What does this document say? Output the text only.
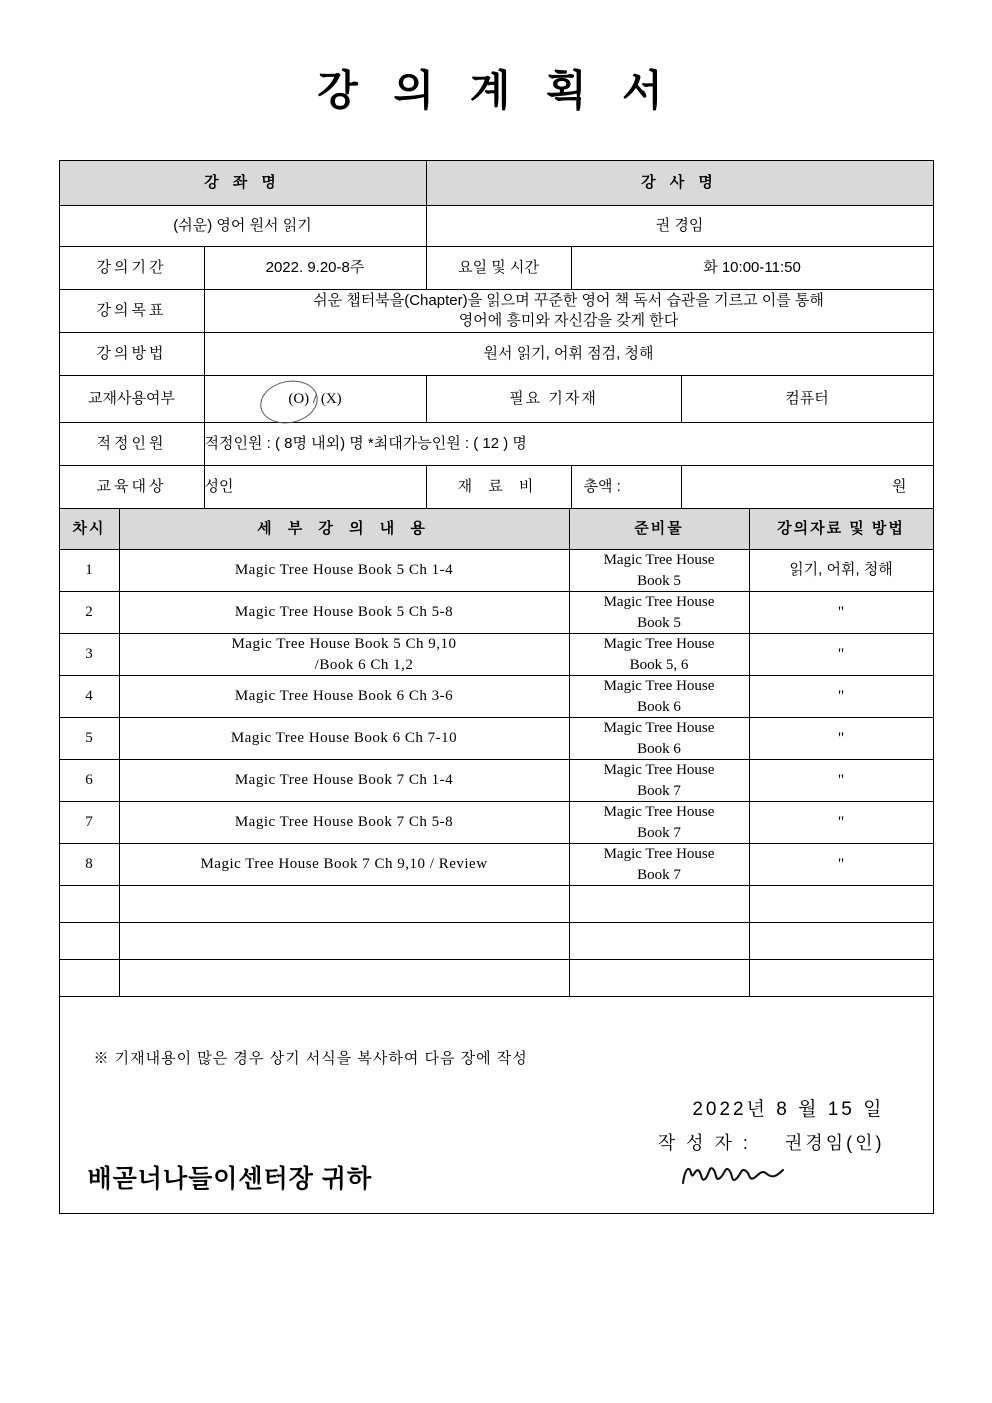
강 의 계 획 서
강 좌 명		강 사 명		
(쉬운) 영어 원서 읽기		권 경임		
강의기간	2022. 9.20-8주	요일 및 시간	화 10:00-11:50	
강의목표	쉬운 챕터북을(Chapter)을 읽으며 꾸준한 영어 책 독서 습관을 기르고 이를 통해
영어에 흥미와 자신감을 갖게 한다			
강의방법	원서 읽기, 어휘 점검, 청해			
교재사용여부	(O) / (X)	필요 기자재		컴퓨터
적정인원	적정인원 : ( 8명 내외) 명 *최대가능인원 : ( 12 ) 명			
교육대상	성인	재 료 비	총액 :	원
차시	세 부 강 의 내 용	준비물	강의자료 및 방법
1	Magic Tree House Book 5 Ch 1-4	Magic Tree House
Book 5	읽기, 어휘, 청해
2	Magic Tree House Book 5 Ch 5-8	Magic Tree House
Book 5	"
3	Magic Tree House Book 5 Ch 9,10
/Book 6 Ch 1,2	Magic Tree House
Book 5, 6	"
4	Magic Tree House Book 6 Ch 3-6	Magic Tree House
Book 6	"
5	Magic Tree House Book 6 Ch 7-10	Magic Tree House
Book 6	"
6	Magic Tree House Book 7 Ch 1-4	Magic Tree House
Book 7	"
7	Magic Tree House Book 7 Ch 5-8	Magic Tree House
Book 7	"
8	Magic Tree House Book 7 Ch 9,10 / Review	Magic Tree House
Book 7	"

※ 기재내용이 많은 경우 상기 서식을 복사하여 다음 장에 작성
2022년 8 월 15 일
작 성 자 : 권경임(인)
배곧너나들이센터장 귀하			
